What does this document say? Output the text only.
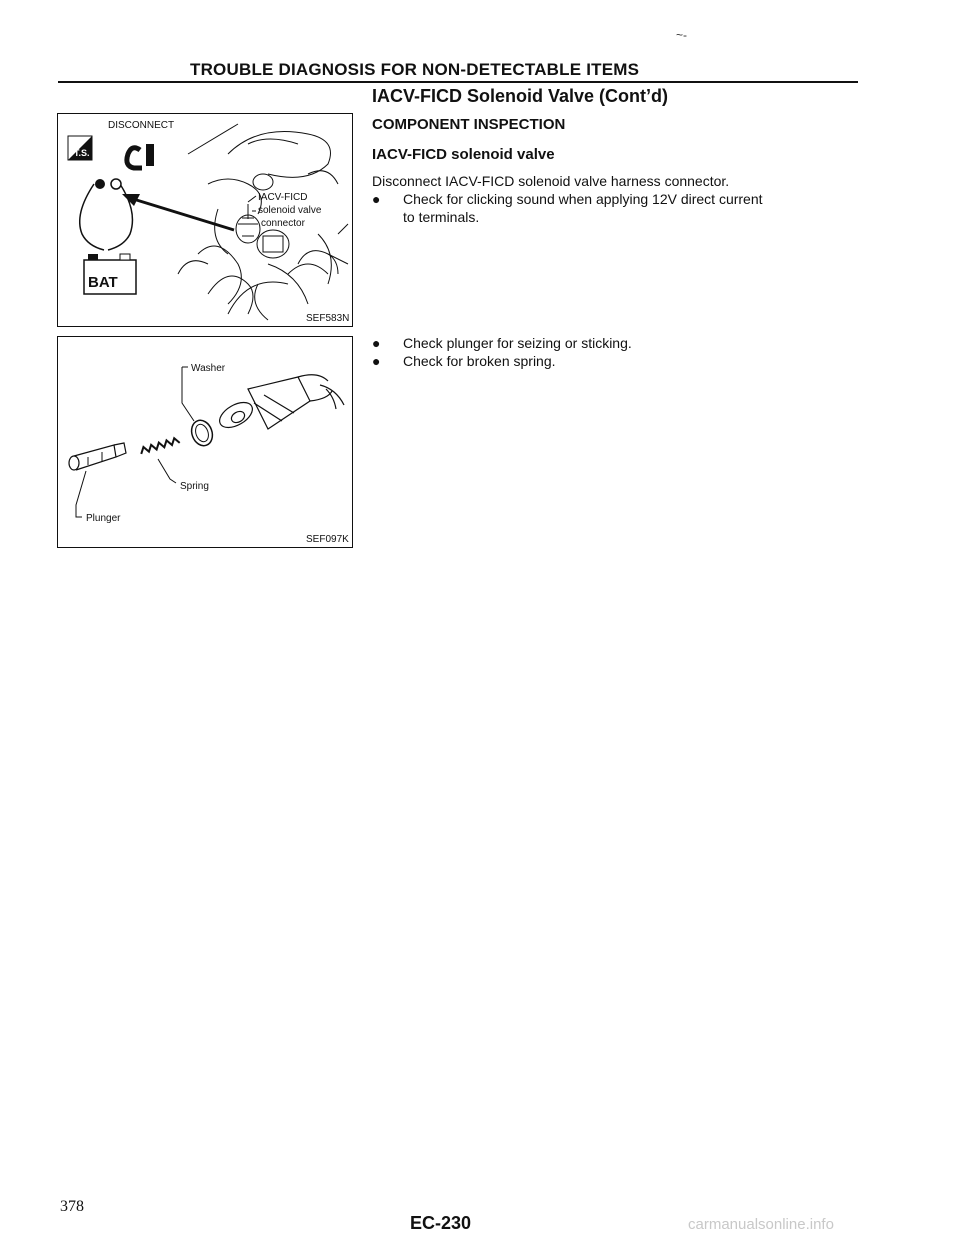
~-
TROUBLE DIAGNOSIS FOR NON-DETECTABLE ITEMS
IACV-FICD Solenoid Valve (Cont’d)
COMPONENT INSPECTION
IACV-FICD solenoid valve
Disconnect IACV-FICD solenoid valve harness connector.
● Check for clicking sound when applying 12V direct current
to terminals.
● Check plunger for seizing or sticking.
● Check for broken spring.
DISCONNECT
T.S.
BAT
IACV-FICD
solenoid valve
connector
SEF583N
Washer
Spring
Plunger
SEF097K
378
EC-230	carmanualsonline.info
